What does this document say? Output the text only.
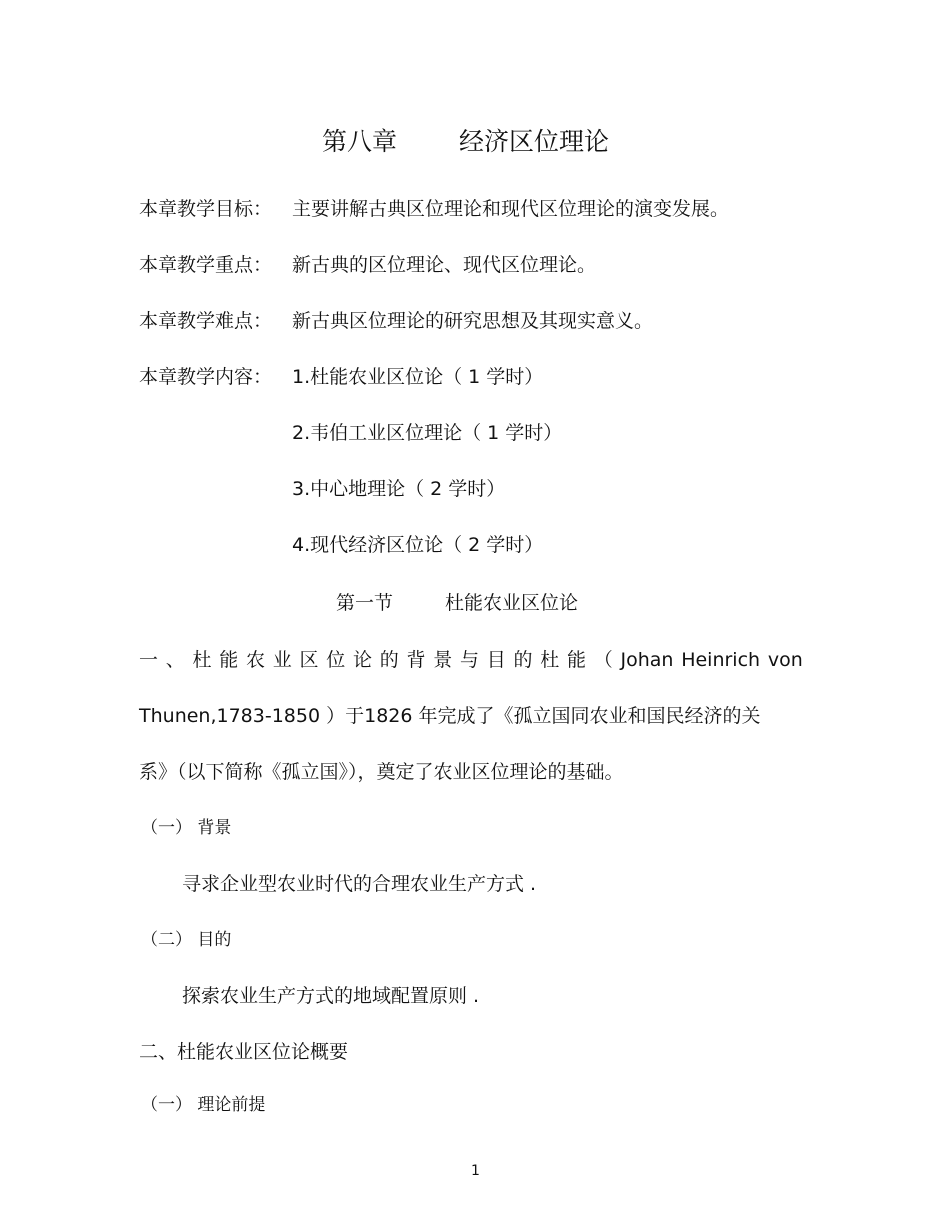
第八章 经济区位理论
本章教学目标： 主要讲解古典区位理论和现代区位理论的演变发展。
本章教学重点： 新古典的区位理论、现代区位理论。
本章教学难点： 新古典区位理论的研究思想及其现实意义。
本章教学内容： 1.杜能农业区位论（ 1 学时）
2.韦伯工业区位理论（ 1 学时）
3.中心地理论（ 2 学时）
4.现代经济区位论（ 2 学时）
第一节	杜能农业区位论
一 、 杜 能 农 业 区 位 论 的 背 景 与 目 的 杜 能 （ Johan Heinrich von
Thunen,1783-1850 ）于1826 年完成了《孤立国同农业和国民经济的关
系》（以下简称《孤立国》），奠定了农业区位理论的基础。
（一） 背景
寻求企业型农业时代的合理农业生产方式 .
（二） 目的
探索农业生产方式的地域配置原则 .
二、杜能农业区位论概要
（一） 理论前提
1
